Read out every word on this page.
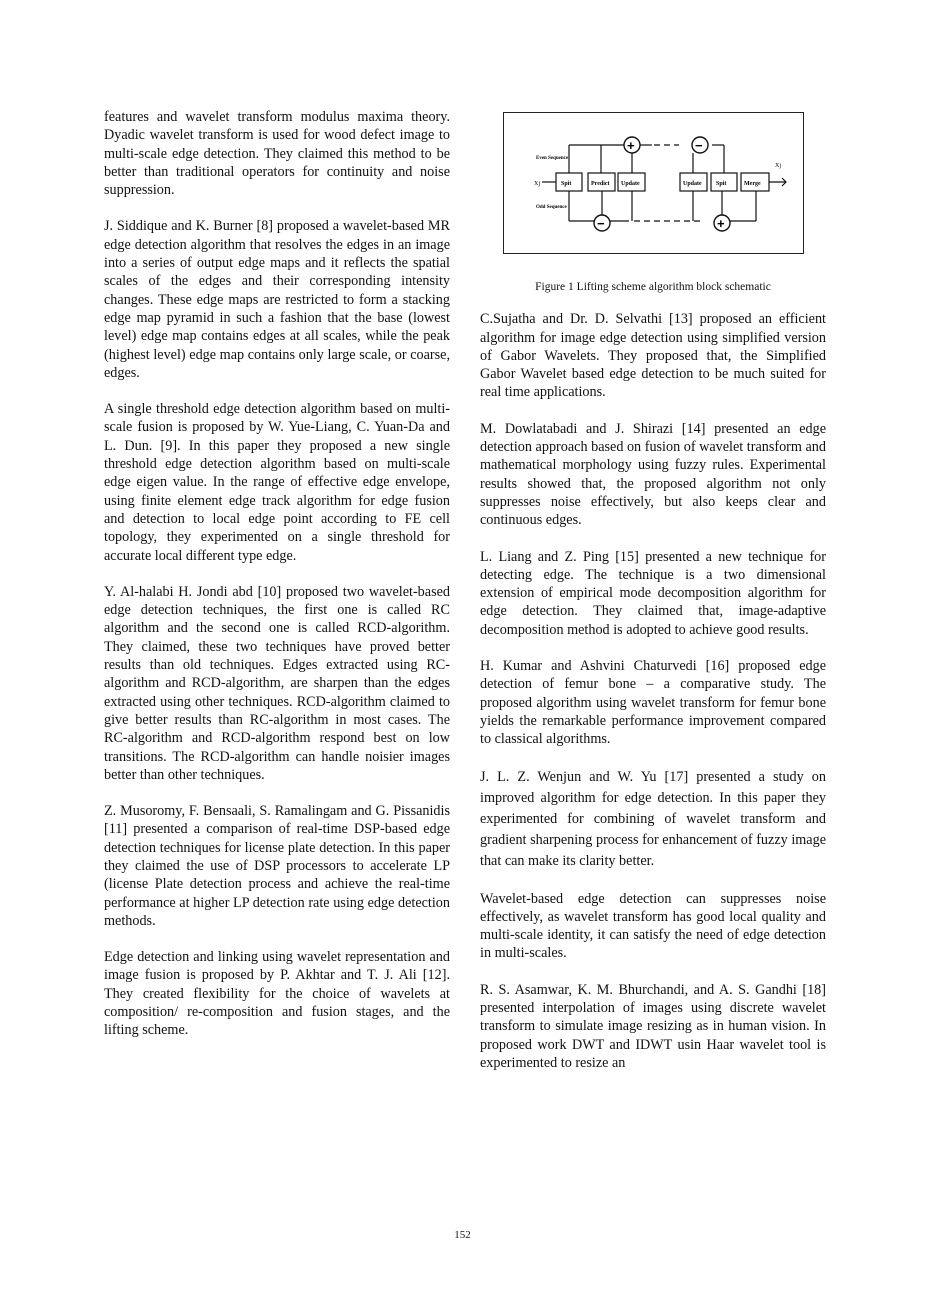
features and wavelet transform modulus maxima theory. Dyadic wavelet transform is used for wood defect image to multi-scale edge detection. They claimed this method to be better than traditional operators for continuity and noise suppression.

J. Siddique and K. Burner [8] proposed a wavelet-based MR edge detection algorithm that resolves the edges in an image into a series of output edge maps and it reflects the spatial scales of the edges and their corresponding intensity changes. These edge maps are restricted to form a stacking edge map pyramid in such a fashion that the base (lowest level) edge map contains edges at all scales, while the peak (highest level) edge map contains only large scale, or coarse, edges.

A single threshold edge detection algorithm based on multi-scale fusion is proposed by W. Yue-Liang, C. Yuan-Da and L. Dun. [9]. In this paper they proposed a new single threshold edge detection algorithm based on multi-scale edge eigen value. In the range of effective edge envelope, using finite element edge track algorithm for edge fusion and detection to local edge point according to FE cell topology, they experimented on a single threshold for accurate local different type edge.

Y. Al-halabi H. Jondi abd [10] proposed two wavelet-based edge detection techniques, the first one is called RC algorithm and the second one is called RCD-algorithm. They claimed, these two techniques have proved better results than old techniques. Edges extracted using RC-algorithm and RCD-algorithm, are sharpen than the edges extracted using other techniques. RCD-algorithm claimed to give better results than RC-algorithm in most cases. The RC-algorithm and RCD-algorithm respond best on low transitions. The RCD-algorithm can handle noisier images better than other techniques.

Z. Musoromy, F. Bensaali, S. Ramalingam and G. Pissanidis [11] presented a comparison of real-time DSP-based edge detection techniques for license plate detection. In this paper they claimed the use of DSP processors to accelerate LP (license Plate detection process and achieve the real-time performance at higher LP detection rate using edge detection methods.

Edge detection and linking using wavelet representation and image fusion is proposed by P. Akhtar and T. J. Ali [12]. They created flexibility for the choice of wavelets at composition/ re-composition and fusion stages, and the lifting scheme.

Xj
Even Sequence
Odd Sequence
Spit	Predict Update	Update Spit	Merge
Xj
+	−
−	+
Figure 1 Lifting scheme algorithm block schematic

C.Sujatha and Dr. D. Selvathi [13] proposed an efficient algorithm for image edge detection using simplified version of Gabor Wavelets. They proposed that, the Simplified Gabor Wavelet based edge detection to be much suited for real time applications.

M. Dowlatabadi and J. Shirazi [14] presented an edge detection approach based on fusion of wavelet transform and mathematical morphology using fuzzy rules. Experimental results showed that, the proposed algorithm not only suppresses noise effectively, but also keeps clear and continuous edges.

L. Liang and Z. Ping [15] presented a new technique for detecting edge. The technique is a two dimensional extension of empirical mode decomposition algorithm for edge detection. They claimed that, image-adaptive decomposition method is adopted to achieve good results.

H. Kumar and Ashvini Chaturvedi [16] proposed edge detection of femur bone – a comparative study. The proposed algorithm using wavelet transform for femur bone yields the remarkable performance improvement compared to classical algorithms.

J. L. Z. Wenjun and W. Yu [17] presented a study on improved algorithm for edge detection. In this paper they experimented for combining of wavelet transform and gradient sharpening process for enhancement of fuzzy image that can make its clarity better.

Wavelet-based edge detection can suppresses noise effectively, as wavelet transform has good local quality and multi-scale identity, it can satisfy the need of edge detection in multi-scales.

R. S. Asamwar, K. M. Bhurchandi, and A. S. Gandhi [18] presented interpolation of images using discrete wavelet transform to simulate image resizing as in human vision. In proposed work DWT and IDWT usin Haar wavelet tool is experimented to resize an

152
